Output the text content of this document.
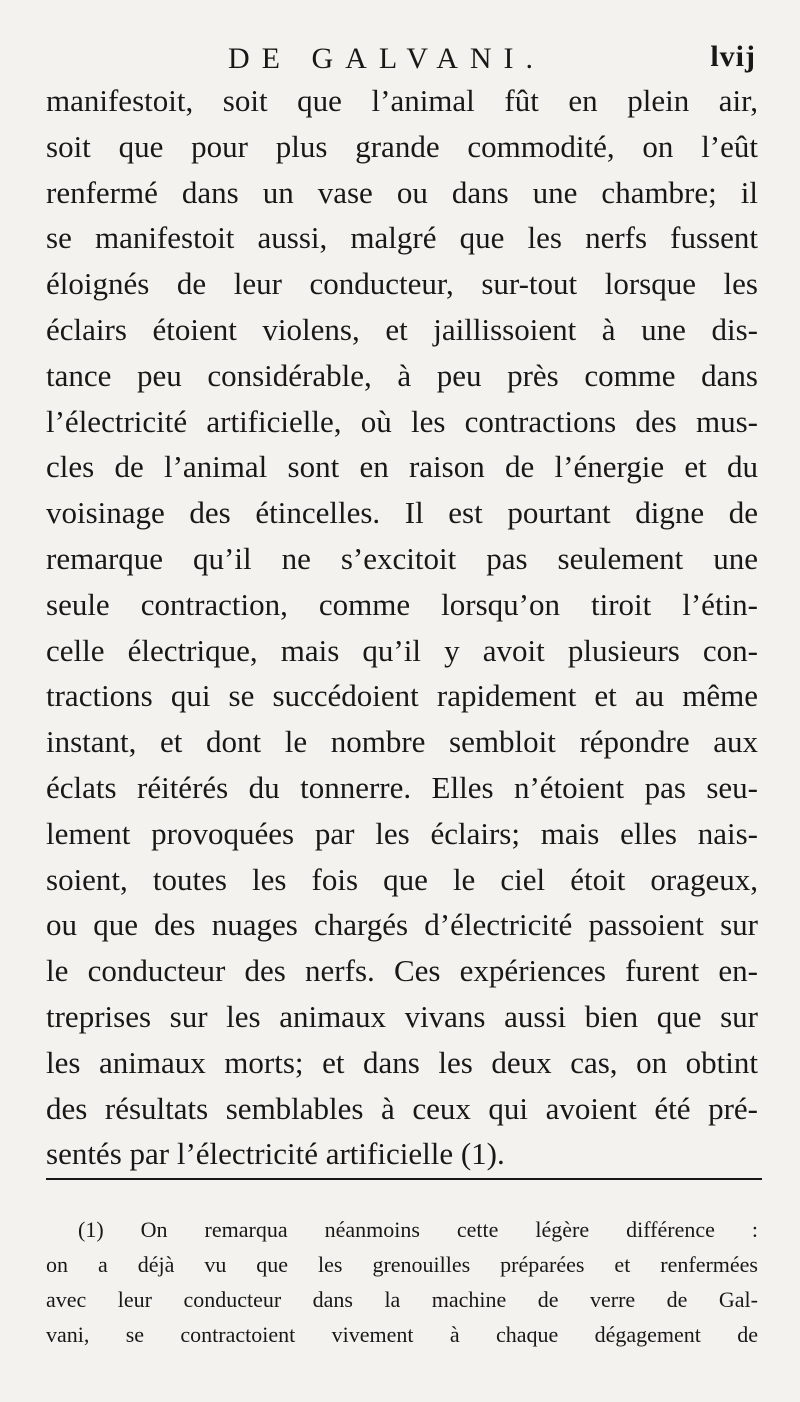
DE GALVANI.	lvij
manifestoit, soit que l’animal fût en plein air,
soit que pour plus grande commodité, on l’eût
renfermé dans un vase ou dans une chambre; il
se manifestoit aussi, malgré que les nerfs fussent
éloignés de leur conducteur, sur-tout lorsque les
éclairs étoient violens, et jaillissoient à une dis-
tance peu considérable, à peu près comme dans
l’électricité artificielle, où les contractions des mus-
cles de l’animal sont en raison de l’énergie et du
voisinage des étincelles. Il est pourtant digne de
remarque qu’il ne s’excitoit pas seulement une
seule contraction, comme lorsqu’on tiroit l’étin-
celle électrique, mais qu’il y avoit plusieurs con-
tractions qui se succédoient rapidement et au même
instant, et dont le nombre sembloit répondre aux
éclats réitérés du tonnerre. Elles n’étoient pas seu-
lement provoquées par les éclairs; mais elles nais-
soient, toutes les fois que le ciel étoit orageux,
ou que des nuages chargés d’électricité passoient sur
le conducteur des nerfs. Ces expériences furent en-
treprises sur les animaux vivans aussi bien que sur
les animaux morts; et dans les deux cas, on obtint
des résultats semblables à ceux qui avoient été pré-
sentés par l’électricité artificielle (1).
(1) On remarqua néanmoins cette légère différence :
on a déjà vu que les grenouilles préparées et renfermées
avec leur conducteur dans la machine de verre de Gal-
vani, se contractoient vivement à chaque dégagement de
